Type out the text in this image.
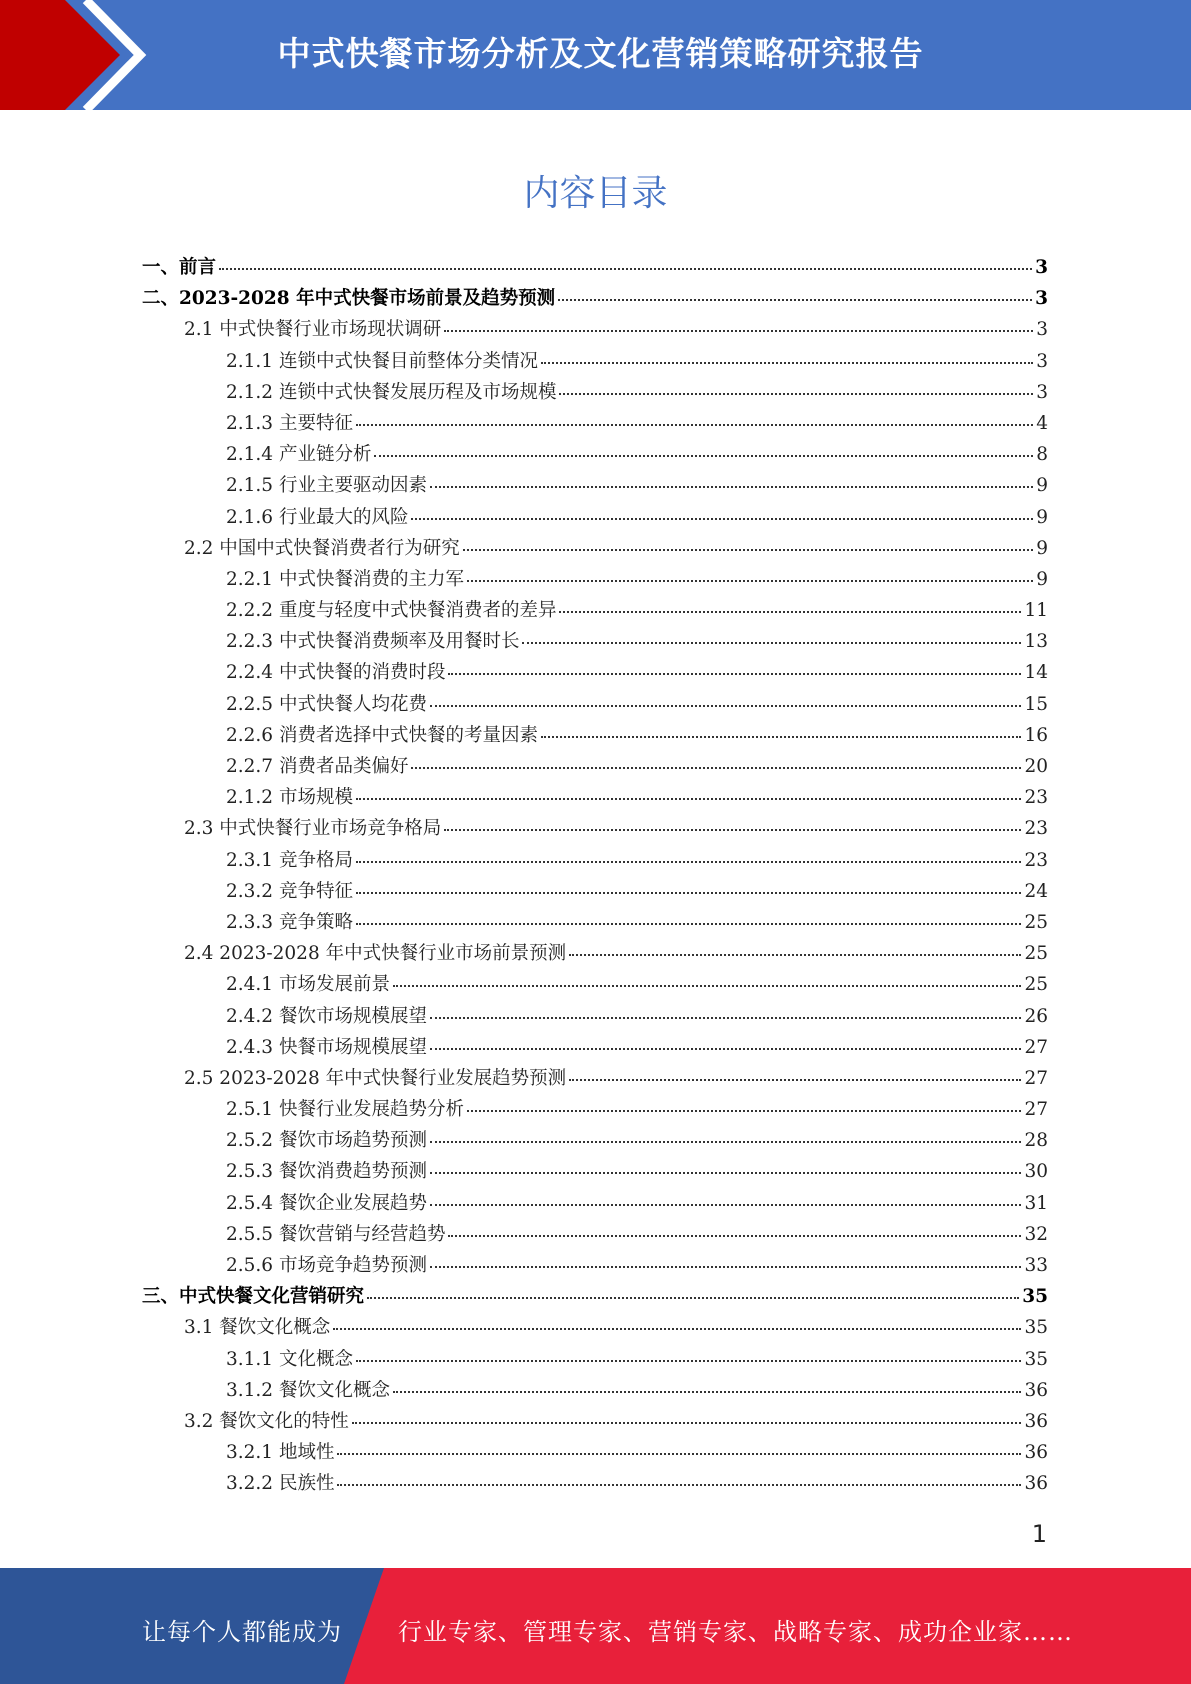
中式快餐市场分析及文化营销策略研究报告
内容目录
一、前言	3
二、2023-2028 年中式快餐市场前景及趋势预测	3
2.1 中式快餐行业市场现状调研	3
2.1.1 连锁中式快餐目前整体分类情况	3
2.1.2 连锁中式快餐发展历程及市场规模	3
2.1.3 主要特征	4
2.1.4 产业链分析	8
2.1.5 行业主要驱动因素	9
2.1.6 行业最大的风险	9
2.2 中国中式快餐消费者行为研究	9
2.2.1 中式快餐消费的主力军	9
2.2.2 重度与轻度中式快餐消费者的差异	11
2.2.3 中式快餐消费频率及用餐时长	13
2.2.4 中式快餐的消费时段	14
2.2.5 中式快餐人均花费	15
2.2.6 消费者选择中式快餐的考量因素	16
2.2.7 消费者品类偏好	20
2.1.2 市场规模	23
2.3 中式快餐行业市场竞争格局	23
2.3.1 竞争格局	23
2.3.2 竞争特征	24
2.3.3 竞争策略	25
2.4 2023-2028 年中式快餐行业市场前景预测	25
2.4.1 市场发展前景	25
2.4.2 餐饮市场规模展望	26
2.4.3 快餐市场规模展望	27
2.5 2023-2028 年中式快餐行业发展趋势预测	27
2.5.1 快餐行业发展趋势分析	27
2.5.2 餐饮市场趋势预测	28
2.5.3 餐饮消费趋势预测	30
2.5.4 餐饮企业发展趋势	31
2.5.5 餐饮营销与经营趋势	32
2.5.6 市场竞争趋势预测	33
三、中式快餐文化营销研究	35
3.1 餐饮文化概念	35
3.1.1 文化概念	35
3.1.2 餐饮文化概念	36
3.2 餐饮文化的特性	36
3.2.1 地域性	36
3.2.2 民族性	36
1
让每个人都能成为 行业专家、管理专家、营销专家、战略专家、成功企业家……
